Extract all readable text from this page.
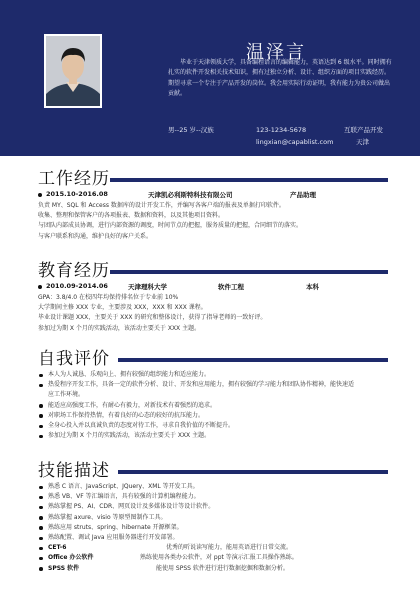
温泽言
毕业于天津领质大学，具备编程语言的编辑能力，英语达到 6 级水平。同时拥有扎实的软件开发相关技术知识，拥有过独立分析、设计、组织方面的项目实践经历。期望寻求一个专注于产品开发的岗位。我会用实际行动证明，我有能力为贵公司做出贡献。
男--25 岁--汉族	123-1234-5678
lingxian@capablist.com
互联产品开发
天津
工作经历
2015.10-2016.08	天津凯必利斯特科技有限公司	产品助理
负责 MY、SQL 和 Access 数据库的设计开发工作，并编写各客户端的报表及单据打印软件。
收集、整理和保管客户的各项报表、数据和资料，以及其他项目资料。
与团队内部成员协调，进行内部资源的调度，时间节点的把握，服务质量的把握，合同细节的落实。
与客户联系和沟通，维护良好的客户关系。
教育经历
2010.09-2014.06	天津理科大学	软件工程	本科
GPA：3.8/4.0 在校四年均保持排名位于专业前 10%
大学期间主修 XXX 专业，主要涉及 XXX，XXX 和 XXX 课程。
毕业设计课题 XXX，主要关于 XXX 的研究和整体设计，获得了指导老师的一致好评。
参加过为期 X 个月的实践活动，该活动主要关于 XXX 主题。
自我评价
本人为人诚恳、乐观向上、拥有较强的组织能力和适应能力。
热爱程序开发工作，具备一定的软件分析、设计、开发和应用能力，拥有较强的学习能力和团队协作精神，能快速适应工作环境。
能适应高强度工作，有耐心有毅力，对新技术有着强烈的追求。
对职场工作保持热情，有着良好的心态的较好的抗压能力。
全身心投入并以真诚负责的态度对待工作，寻求自我价值的不断提升。
参加过为期 X 个月的实践活动，该活动主要关于 XXX 主题。
技能描述
熟悉 C 语言、JavaScript、JQuery、XML 等开发工具。
熟悉 VB、VF 等汇编语言，具有较强的计算机编程能力。
熟练掌握 PS、AI、CDR、网页设计及多媒体设计等设计软件。
熟练掌握 axure、visio 等原型图制作工具。
熟练应用 struts、spring、hibernate 开源框架。
熟练配置、调试 Java 应用服务器进行开发部署。
CET-6	优秀的听说读写能力，能用英语进行日常交流。
Office 办公软件	熟练使用各类办公软件，对 ppt 等演示汇报工具操作熟练。
SPSS 软件	能使用 SPSS 软件进行进行数据挖掘和数据分析。
